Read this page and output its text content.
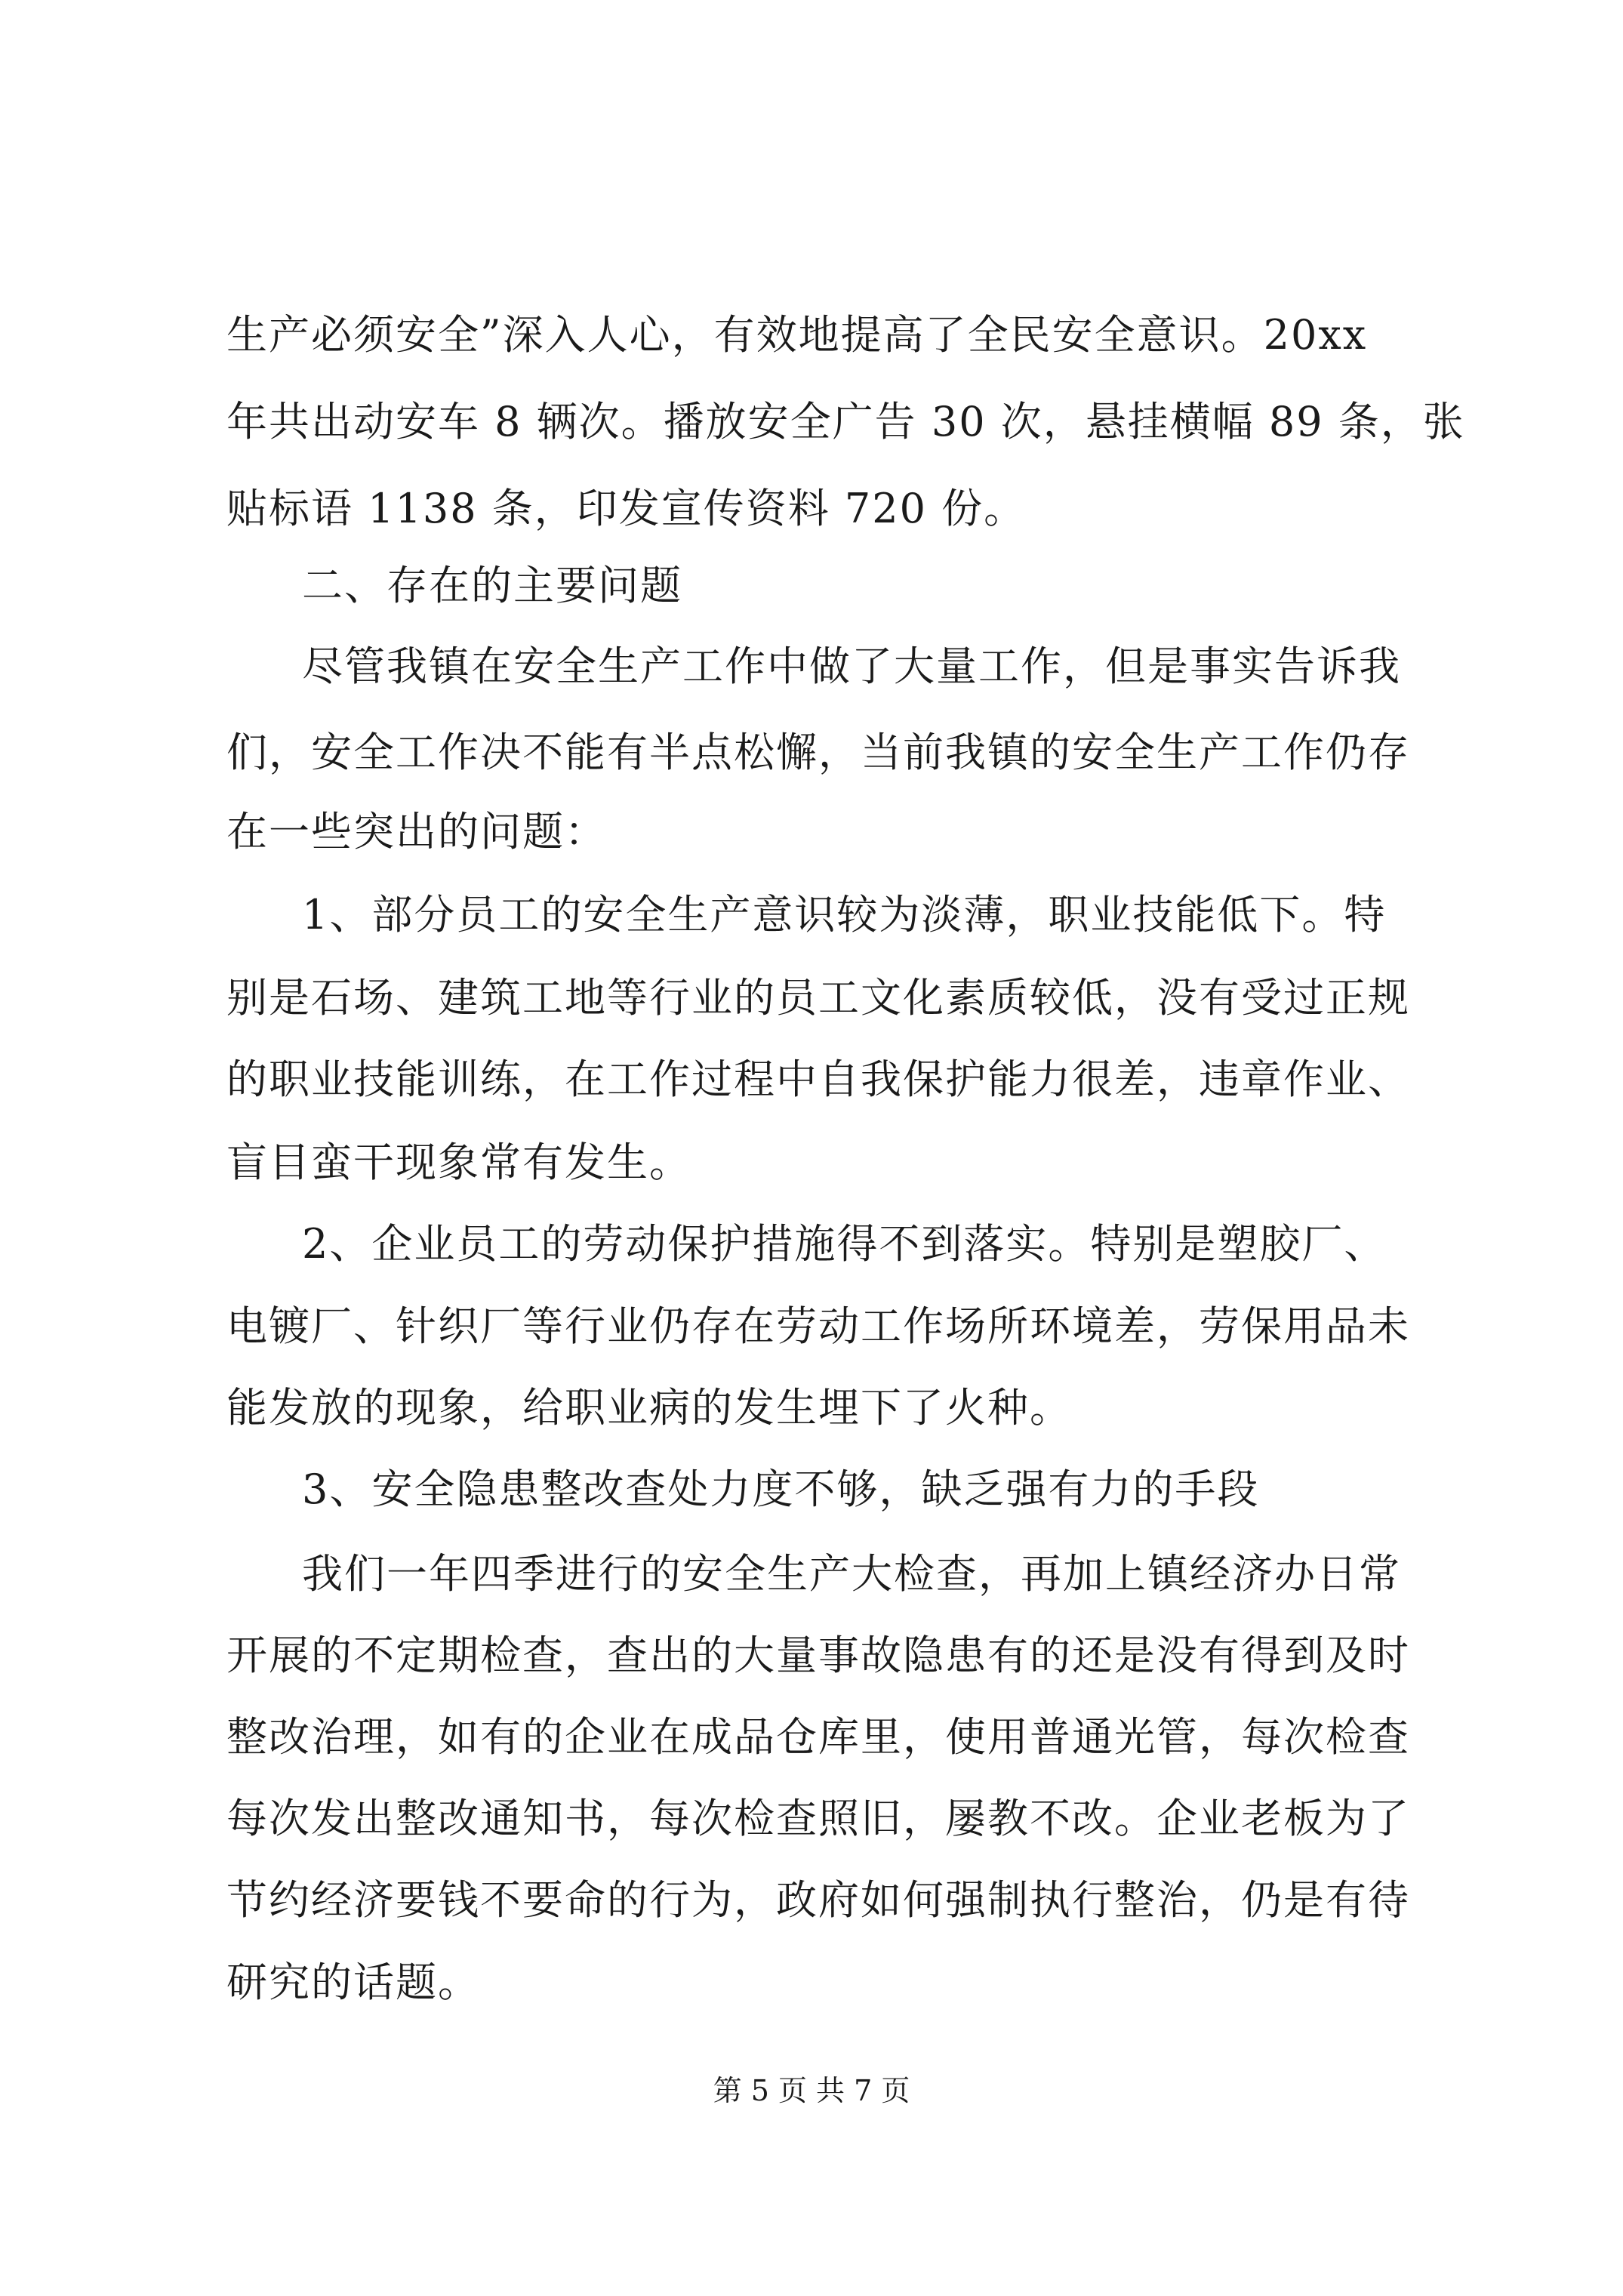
生产必须安全”深入人心，有效地提高了全民安全意识。20xx
年共出动安车 8 辆次。播放安全广告 30 次，悬挂横幅 89 条，张
贴标语 1138 条，印发宣传资料 720 份。
二、存在的主要问题
尽管我镇在安全生产工作中做了大量工作，但是事实告诉我
们，安全工作决不能有半点松懈，当前我镇的安全生产工作仍存
在一些突出的问题：
1、部分员工的安全生产意识较为淡薄，职业技能低下。特
别是石场、建筑工地等行业的员工文化素质较低，没有受过正规
的职业技能训练，在工作过程中自我保护能力很差，违章作业、
盲目蛮干现象常有发生。
2、企业员工的劳动保护措施得不到落实。特别是塑胶厂、
电镀厂、针织厂等行业仍存在劳动工作场所环境差，劳保用品未
能发放的现象，给职业病的发生埋下了火种。
3、安全隐患整改查处力度不够，缺乏强有力的手段
我们一年四季进行的安全生产大检查，再加上镇经济办日常
开展的不定期检查，查出的大量事故隐患有的还是没有得到及时
整改治理，如有的企业在成品仓库里，使用普通光管，每次检查
每次发出整改通知书，每次检查照旧，屡教不改。企业老板为了
节约经济要钱不要命的行为，政府如何强制执行整治，仍是有待
研究的话题。
第 5 页 共 7 页
